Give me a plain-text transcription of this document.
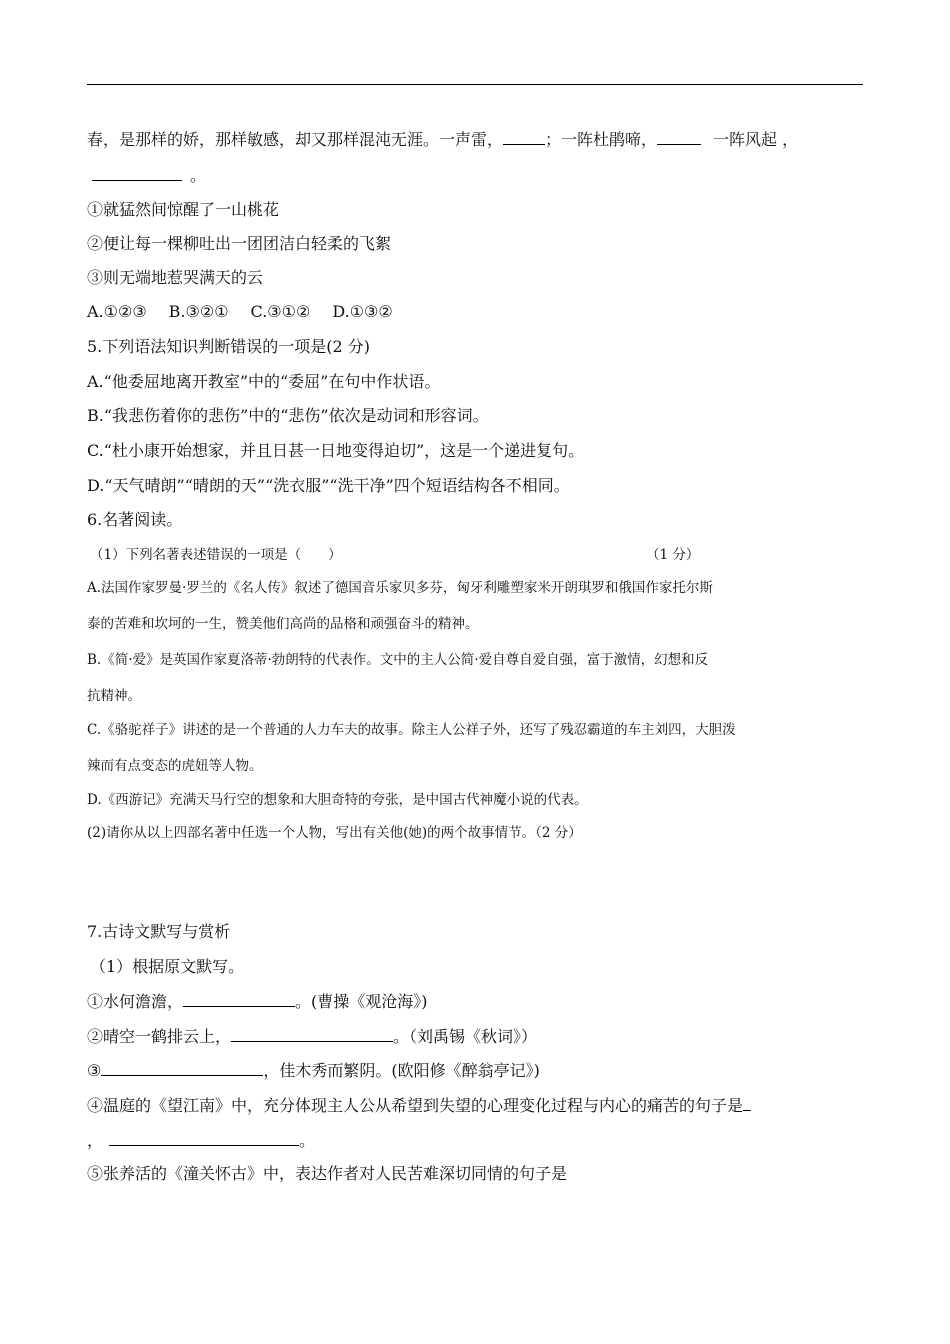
春，是那样的娇，那样敏感，却又那样混沌无涯。一声雷，	；一阵杜鹃啼，	一阵风起 ，
。
①就猛然间惊醒了一山桃花
②便让每一棵柳吐出一团团洁白轻柔的飞絮
③则无端地惹哭满天的云
A.①②③ B.③②① C.③①② D.①③②
5.下列语法知识判断错误的一项是(2 分)
A.“他委屈地离开教室”中的“委屈”在句中作状语。
B.“我悲伤着你的悲伤”中的“悲伤”依次是动词和形容词。
C.“杜小康开始想家，并且日甚一日地变得迫切”，这是一个递进复句。
D.“天气晴朗”“晴朗的天”“洗衣服”“洗干净”四个短语结构各不相同。
6.名著阅读。
（1）下列名著表述错误的一项是（　　）	（1 分）
A.法国作家罗曼·罗兰的《名人传》叙述了德国音乐家贝多芬，匈牙利雕塑家米开朗琪罗和俄国作家托尔斯
泰的苦难和坎坷的一生，赞美他们高尚的品格和顽强奋斗的精神。
B.《简·爱》是英国作家夏洛蒂·勃朗特的代表作。文中的主人公简·爱自尊自爱自强，富于激情，幻想和反
抗精神。
C.《骆驼祥子》讲述的是一个普通的人力车夫的故事。除主人公祥子外，还写了残忍霸道的车主刘四，大胆泼
辣而有点变态的虎妞等人物。
D.《西游记》充满天马行空的想象和大胆奇特的夸张，是中国古代神魔小说的代表。
(2)请你从以上四部名著中任选一个人物，写出有关他(她)的两个故事情节。（2 分）
7.古诗文默写与赏析
（1）根据原文默写。
①水何澹澹，	。(曹操《观沧海》)
②晴空一鹤排云上，	。（刘禹锡《秋词》）
③	，佳木秀而繁阴。(欧阳修《醉翁亭记》)
④温庭的《望江南》中，充分体现主人公从希望到失望的心理变化过程与内心的痛苦的句子是
，	。
⑤张养活的《潼关怀古》中，表达作者对人民苦难深切同情的句子是
